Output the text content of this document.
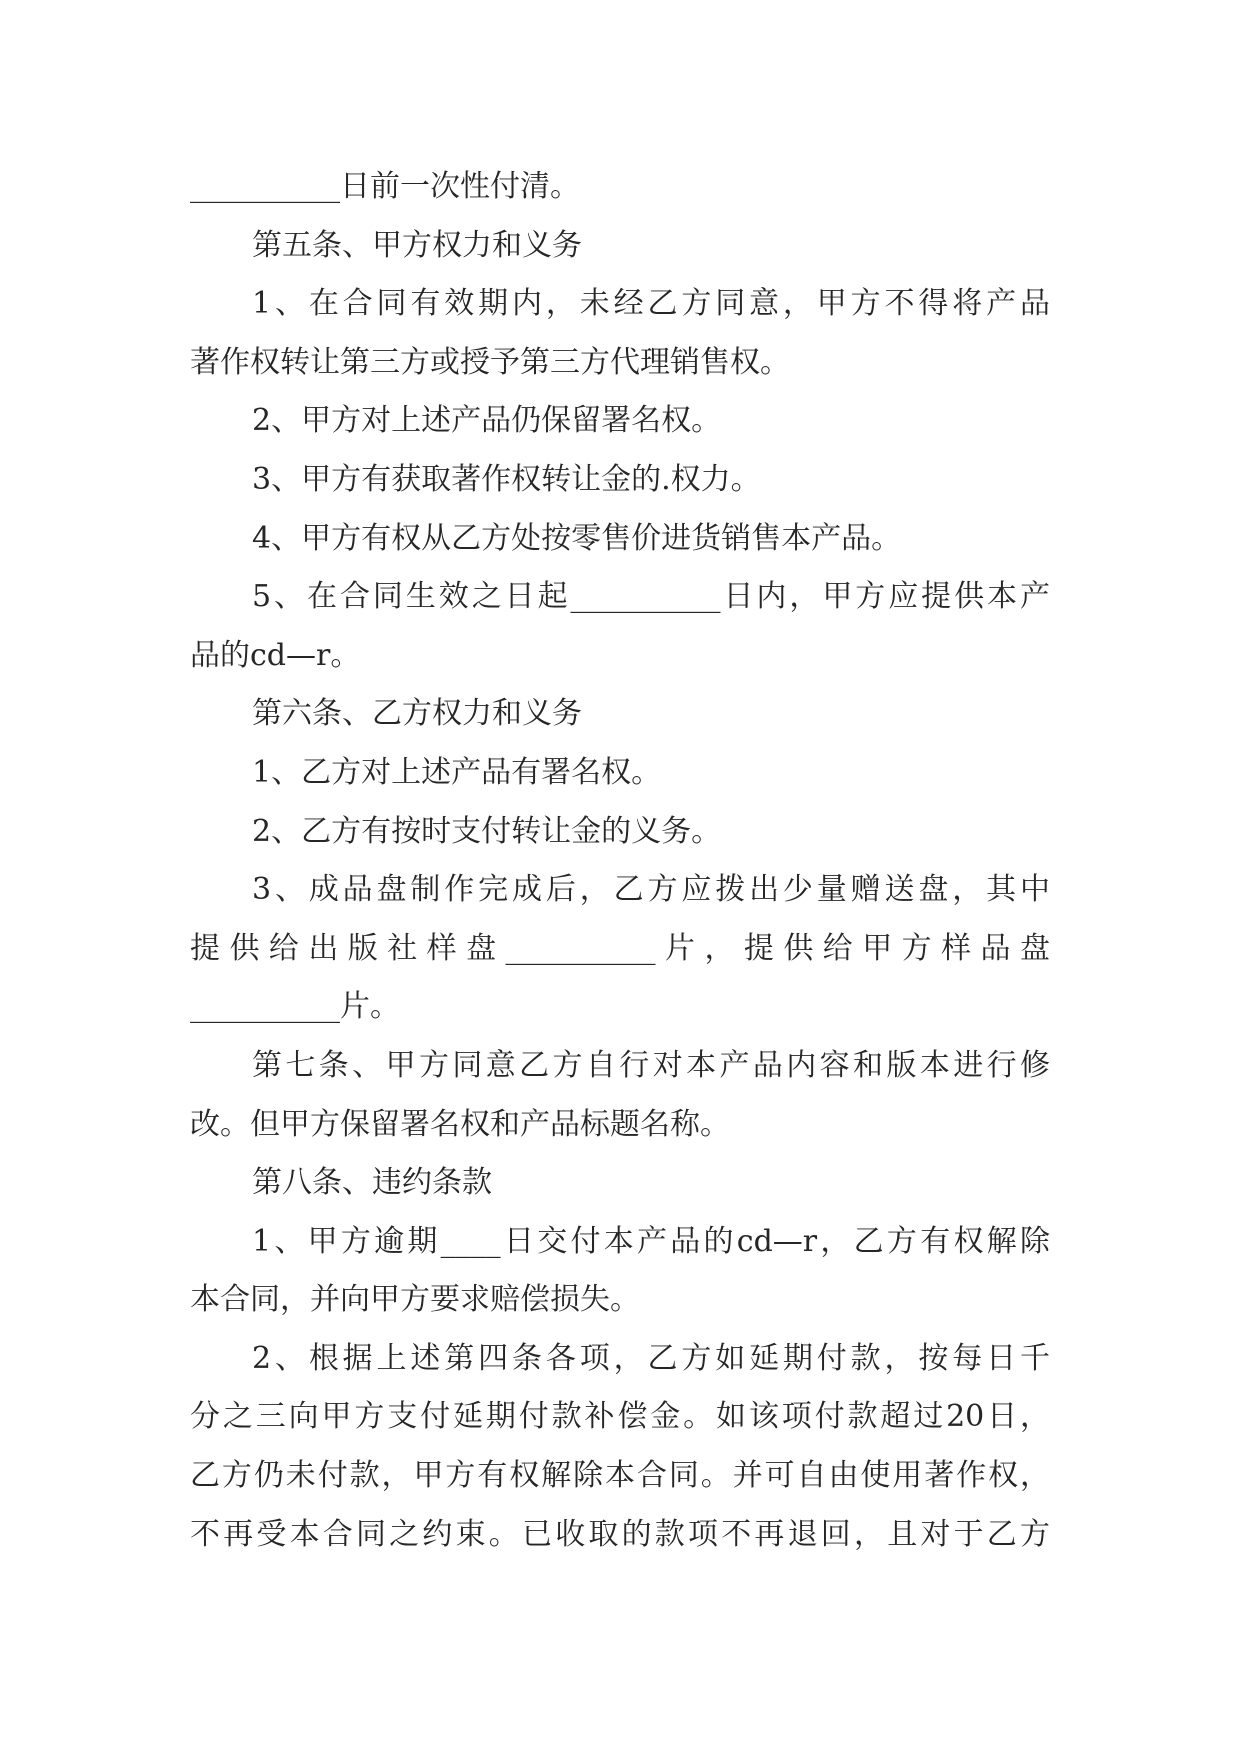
__________日前一次性付清。

第五条、甲方权力和义务

1、在合同有效期内，未经乙方同意，甲方不得将产品

著作权转让第三方或授予第三方代理销售权。

2、甲方对上述产品仍保留署名权。

3、甲方有获取著作权转让金的.权力。

4、甲方有权从乙方处按零售价进货销售本产品。

5、在合同生效之日起__________日内，甲方应提供本产

品的cd—r。

第六条、乙方权力和义务

1、乙方对上述产品有署名权。

2、乙方有按时支付转让金的义务。

3、成品盘制作完成后，乙方应拨出少量赠送盘，其中

提供给出版社样盘__________片，提供给甲方样品盘

__________片。

第七条、甲方同意乙方自行对本产品内容和版本进行修

改。但甲方保留署名权和产品标题名称。

第八条、违约条款

1、甲方逾期____日交付本产品的cd—r，乙方有权解除

本合同，并向甲方要求赔偿损失。

2、根据上述第四条各项，乙方如延期付款，按每日千

分之三向甲方支付延期付款补偿金。如该项付款超过20日，

乙方仍未付款，甲方有权解除本合同。并可自由使用著作权，

不再受本合同之约束。已收取的款项不再退回，且对于乙方
